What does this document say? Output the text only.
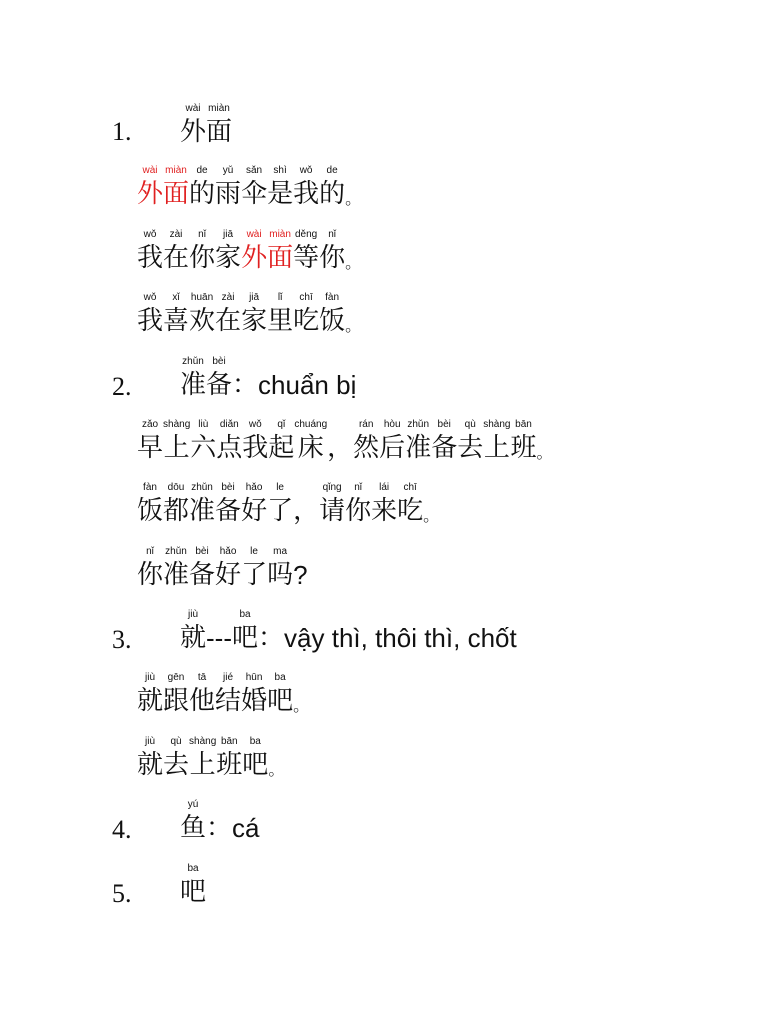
1.
wài
外
miàn
面
wài
外
miàn
面
de
的
yǔ
雨
sǎn
伞
shì
是
wǒ
我
de
的 。
wǒ
我
zài
在
nǐ
你
jiā
家
wài
外
miàn
面
děng
等
nǐ
你 。
wǒ
我
xǐ
喜
huān
欢
zài
在
jiā
家
lǐ
里
chī
吃
fàn
饭 。
2.
zhǔn
准
bèi
备 ：chuẩn bị
zǎo
早
shàng
上
liù
六
diǎn
点
wǒ
我
qǐ
起
chuáng
床 ，
rán
然
hòu
后
zhǔn
准
bèi
备
qù
去
shàng
上
bān
班 。
fàn
饭
dōu
都
zhǔn
准
bèi
备
hǎo
好
le
了 ，
qǐng
请
nǐ
你
lái
来
chī
吃 。
nǐ
你
zhǔn
准
bèi
备
hǎo
好
le
了
ma
吗 ?
3.
jiù
就 ---
ba
吧 ：vậy thì, thôi thì, chốt
jiù
就
gēn
跟
tā
他
jié
结
hūn
婚
ba
吧 。
jiù
就
qù
去
shàng
上
bān
班
ba
吧 。
4.
yú
鱼 ：cá
5.
ba
吧
